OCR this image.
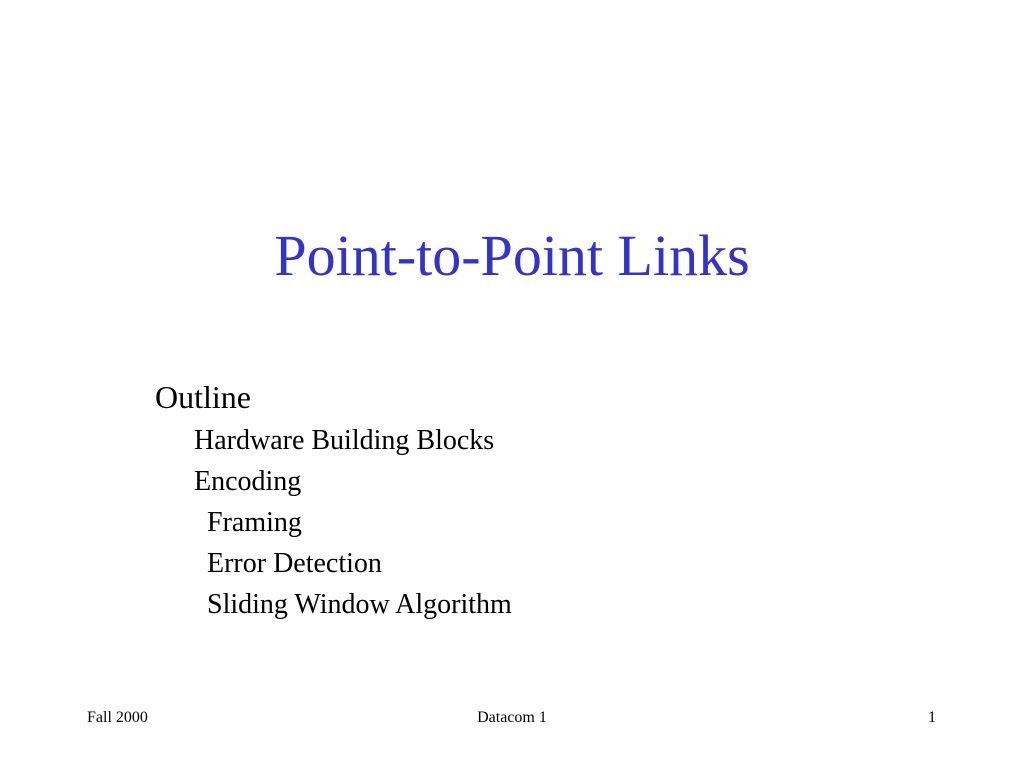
Point-to-Point Links
Outline
Hardware Building Blocks
Encoding
Framing
Error Detection
Sliding Window Algorithm
Fall 2000	Datacom 1	1
